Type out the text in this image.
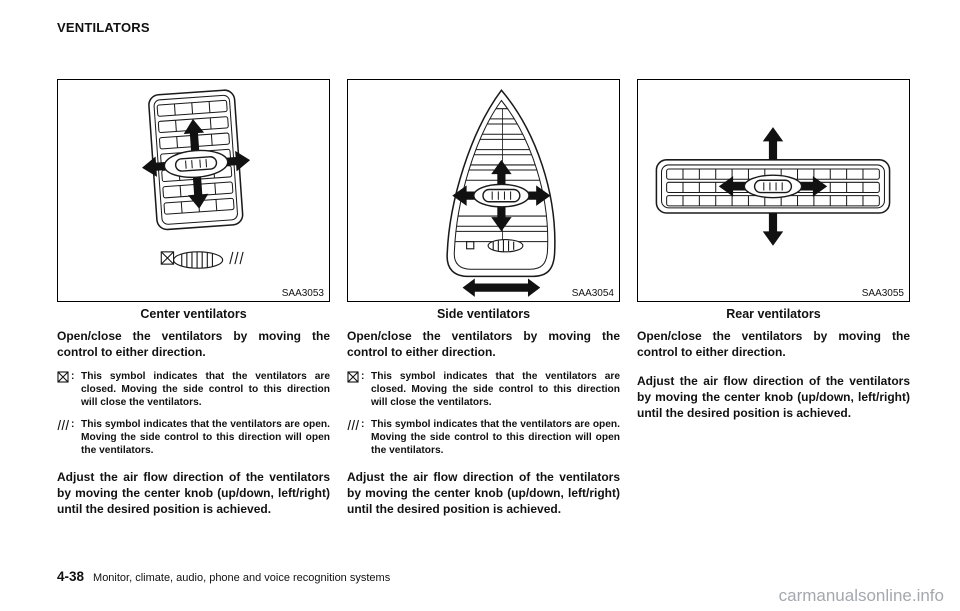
VENTILATORS
SAA3053
Center ventilators

Open/close the ventilators by moving the control to either direction.

: This symbol indicates that the ventilators are closed. Moving the side control to this direction will close the ventilators.
: This symbol indicates that the ventilators are open. Moving the side control to this direction will open the ventilators.

Adjust the air flow direction of the ventilators by moving the center knob (up/down, left/right) until the desired position is achieved.

SAA3054
Side ventilators

Open/close the ventilators by moving the control to either direction.

: This symbol indicates that the ventilators are closed. Moving the side control to this direction will close the ventilators.
: This symbol indicates that the ventilators are open. Moving the side control to this direction will open the ventilators.

Adjust the air flow direction of the ventilators by moving the center knob (up/down, left/right) until the desired position is achieved.

SAA3055
Rear ventilators

Open/close the ventilators by moving the control to either direction.

Adjust the air flow direction of the ventilators by moving the center knob (up/down, left/right) until the desired position is achieved.

4-38 Monitor, climate, audio, phone and voice recognition systems
carmanualsonline.info
